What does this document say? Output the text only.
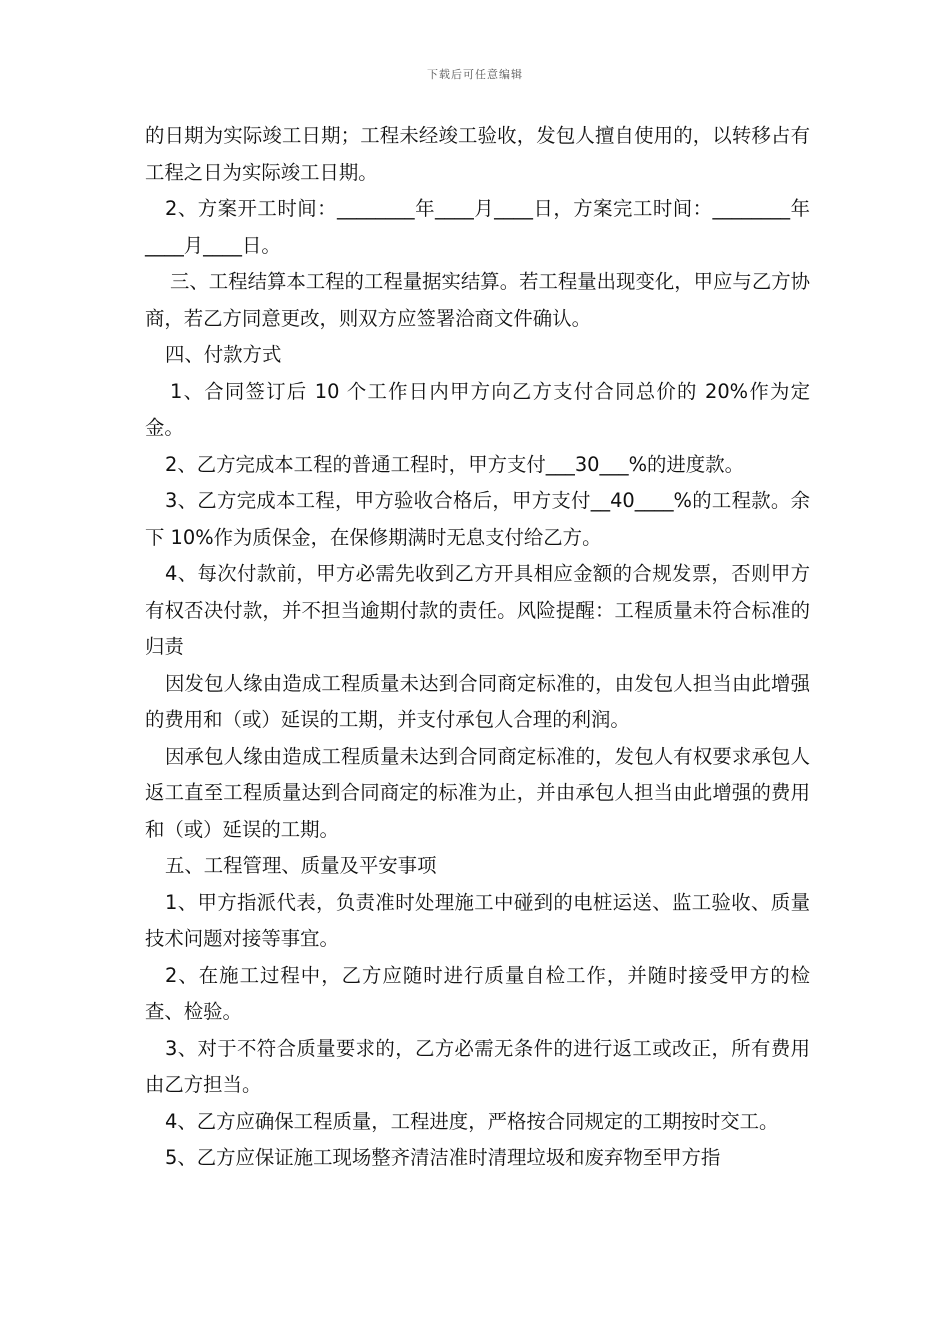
下载后可任意编辑

的日期为实际竣工日期；工程未经竣工验收，发包人擅自使用的，以转移占有工程之日为实际竣工日期。

2、方案开工时间：________年____月____日，方案完工时间：________年____月____日。

三、工程结算本工程的工程量据实结算。若工程量出现变化，甲应与乙方协商，若乙方同意更改，则双方应签署洽商文件确认。

四、付款方式

1、合同签订后 10 个工作日内甲方向乙方支付合同总价的 20%作为定金。

2、乙方完成本工程的普通工程时，甲方支付___30___%的进度款。

3、乙方完成本工程，甲方验收合格后，甲方支付__40____%的工程款。余下 10%作为质保金，在保修期满时无息支付给乙方。

4、每次付款前，甲方必需先收到乙方开具相应金额的合规发票，否则甲方有权否决付款，并不担当逾期付款的责任。风险提醒：工程质量未符合标准的归责

因发包人缘由造成工程质量未达到合同商定标准的，由发包人担当由此增强的费用和（或）延误的工期，并支付承包人合理的利润。

因承包人缘由造成工程质量未达到合同商定标准的，发包人有权要求承包人返工直至工程质量达到合同商定的标准为止，并由承包人担当由此增强的费用和（或）延误的工期。

五、工程管理、质量及平安事项

1、甲方指派代表，负责准时处理施工中碰到的电桩运送、监工验收、质量技术问题对接等事宜。

2、在施工过程中，乙方应随时进行质量自检工作，并随时接受甲方的检查、检验。

3、对于不符合质量要求的，乙方必需无条件的进行返工或改正，所有费用由乙方担当。

4、乙方应确保工程质量，工程进度，严格按合同规定的工期按时交工。

5、乙方应保证施工现场整齐清洁准时清理垃圾和废弃物至甲方指
